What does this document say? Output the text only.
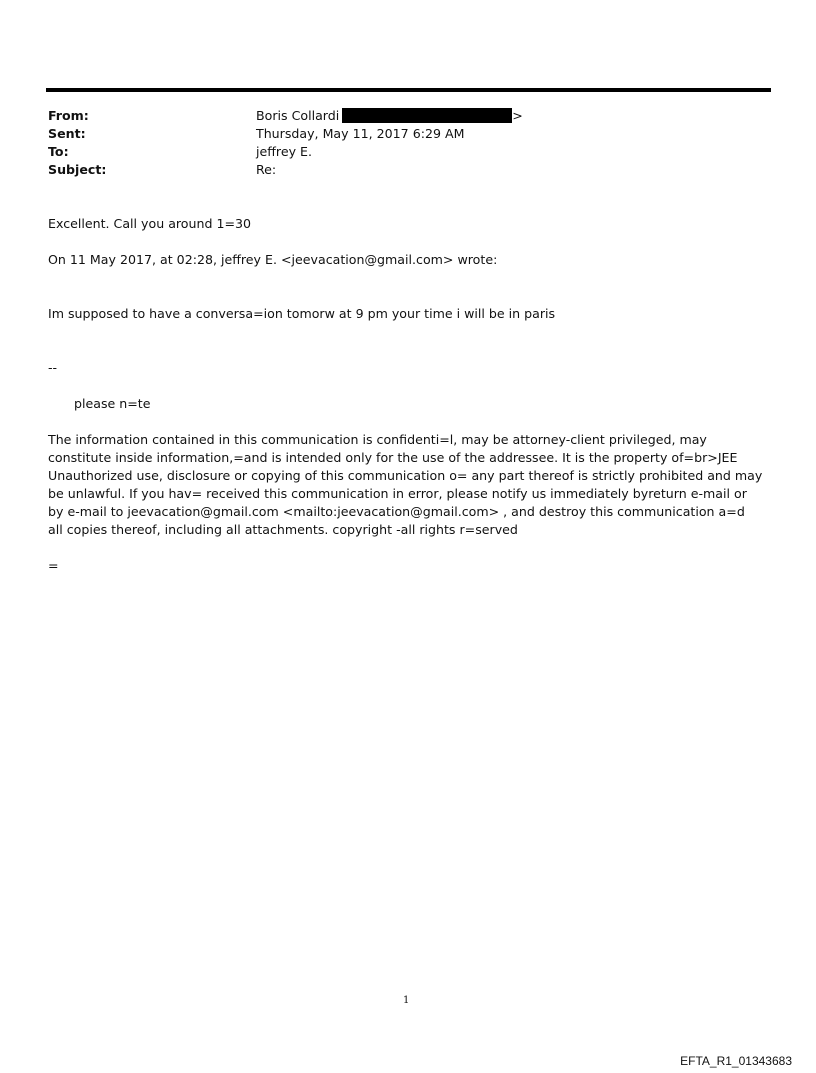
From:	Boris Collardi	>
Sent:	Thursday, May 11, 2017 6:29 AM
To:	jeffrey E.
Subject:	Re:

Excellent. Call you around 1=30

On 11 May 2017, at 02:28, jeffrey E. <jeevacation@gmail.com> wrote:

Im supposed to have a conversa=ion tomorw at 9 pm your time i will be in paris

--

please n=te

The information contained in this communication is confidenti=l, may be attorney-client privileged, may constitute inside information,=and is intended only for the use of the addressee. It is the property of=br>JEE Unauthorized use, disclosure or copying of this communication o= any part thereof is strictly prohibited and may be unlawful. If you hav= received this communication in error, please notify us immediately byreturn e-mail or by e-mail to jeevacation@gmail.com <mailto:jeevacation@gmail.com> , and destroy this communication a=d all copies thereof, including all attachments. copyright -all rights r=served

=

1
EFTA_R1_01343683
